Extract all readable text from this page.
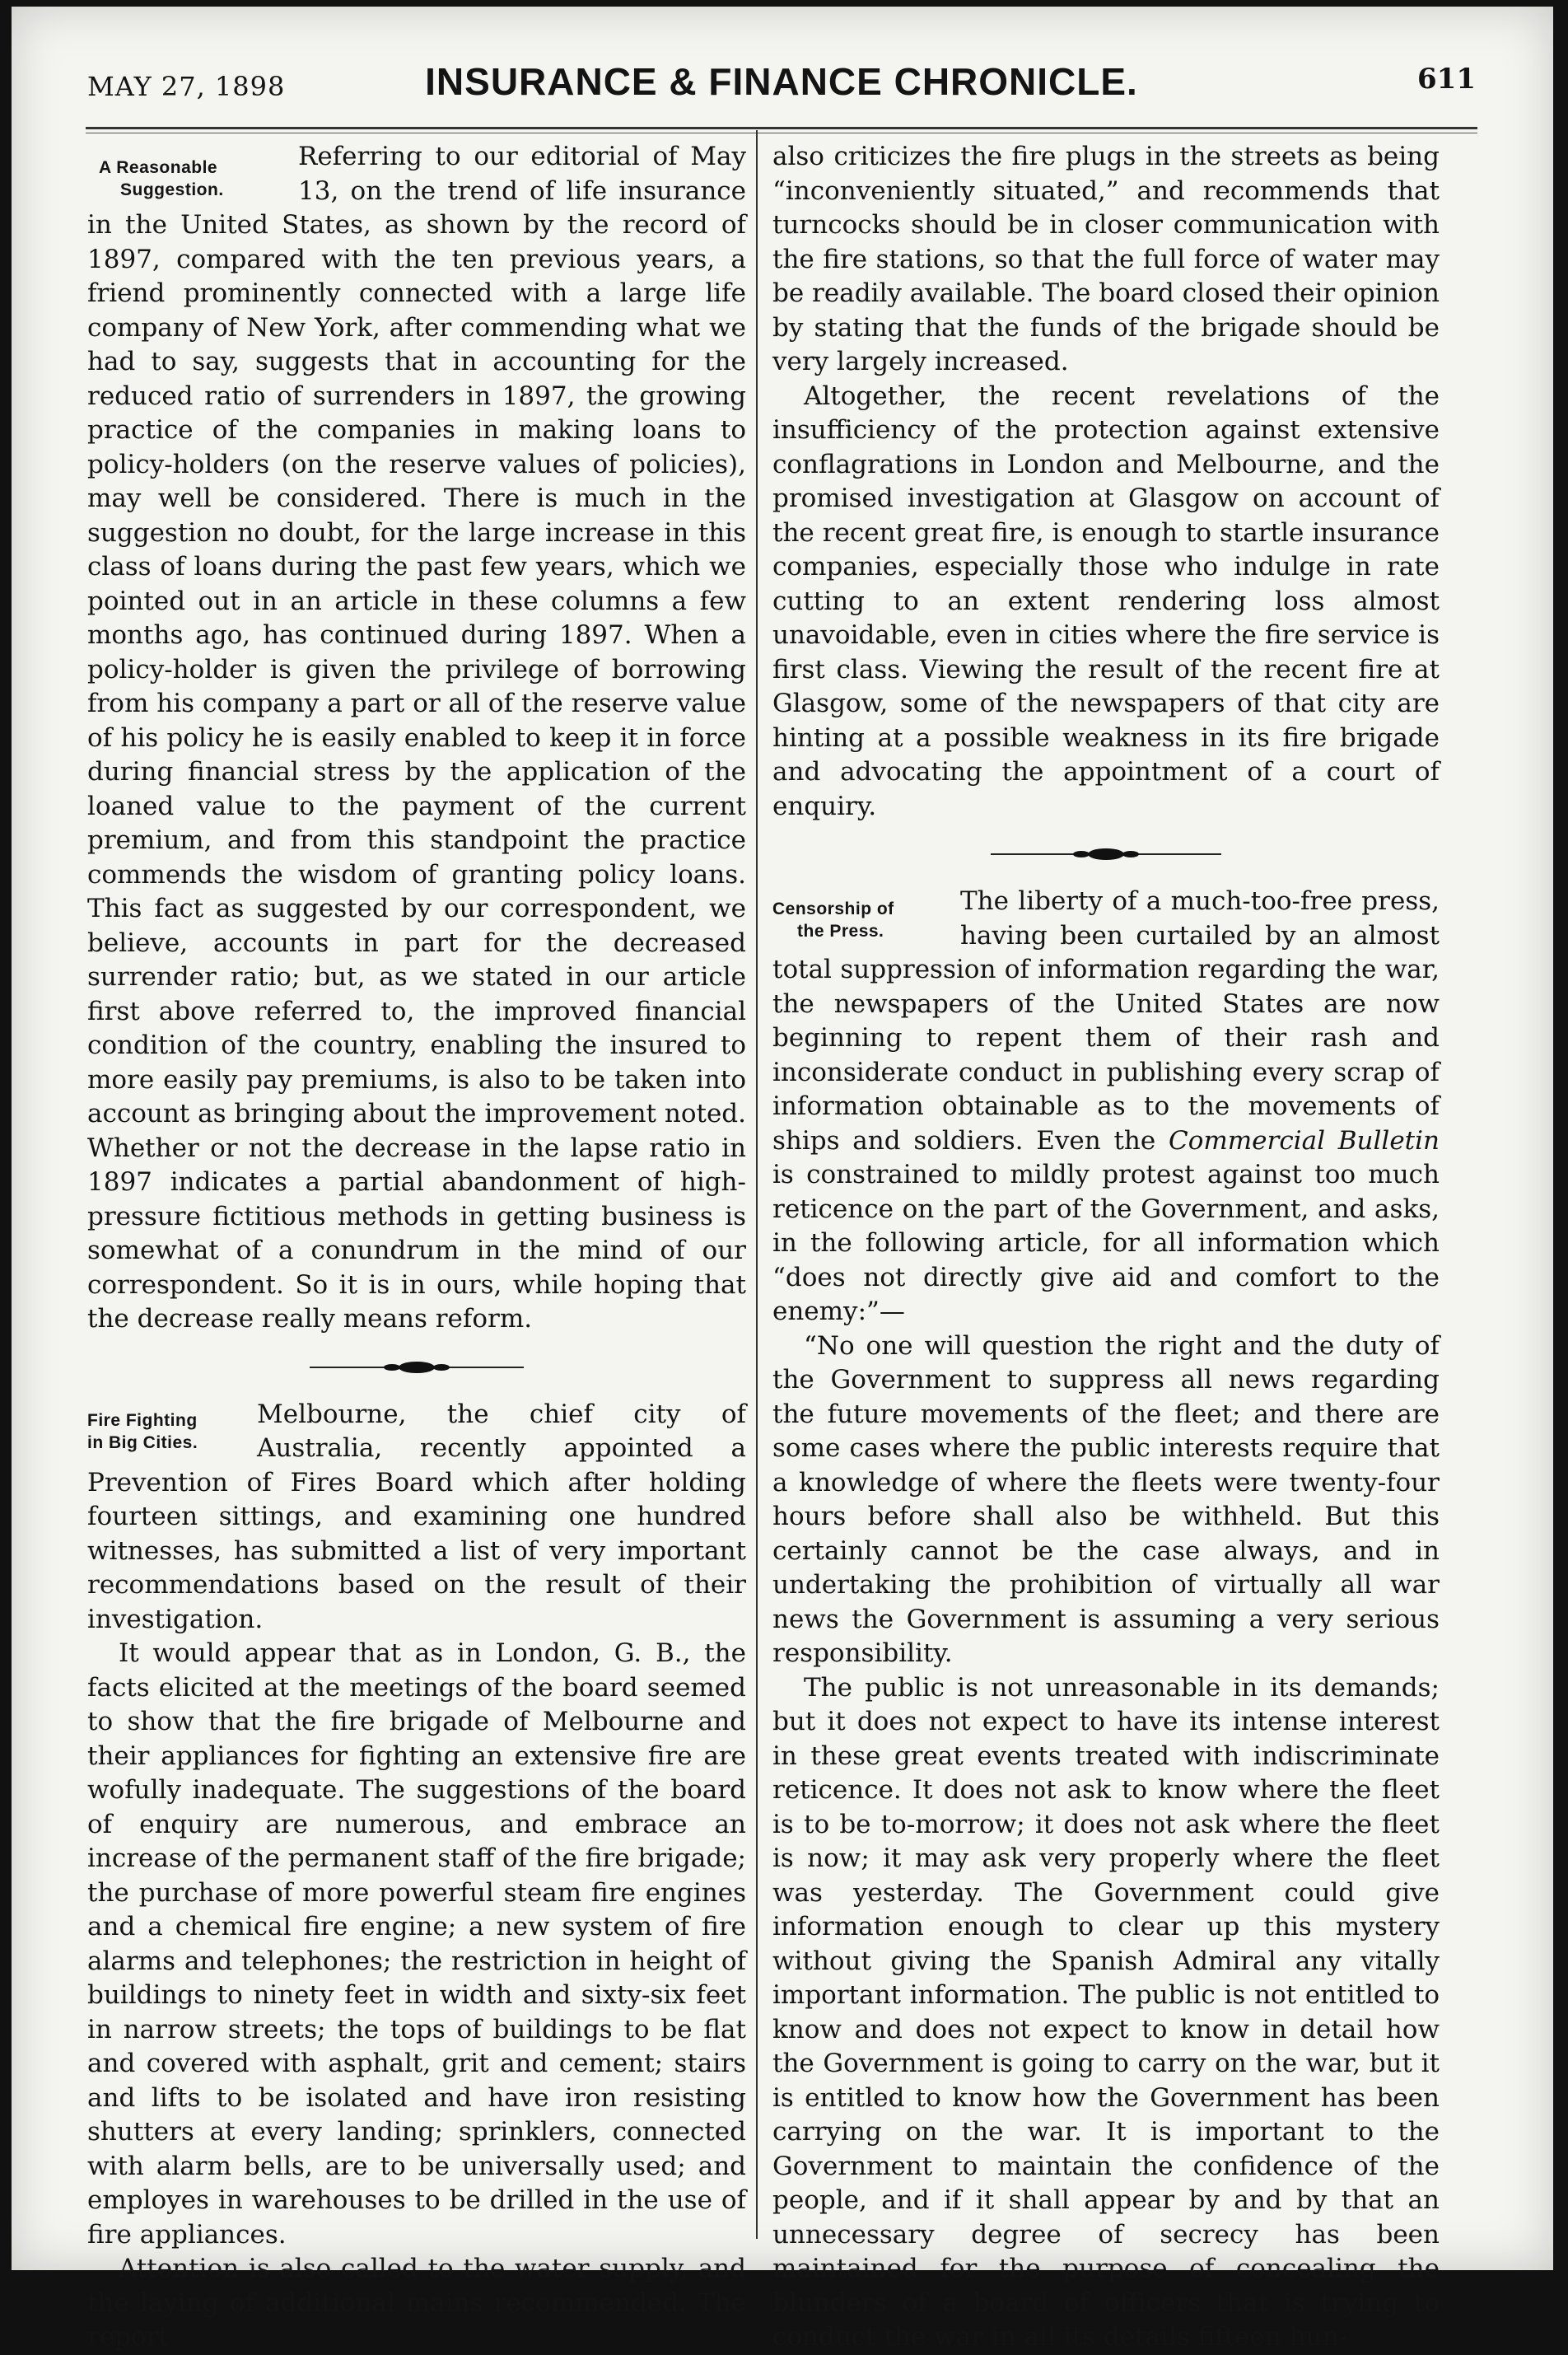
MAY 27, 1898	INSURANCE & FINANCE CHRONICLE.	611
A Reasonable
Suggestion.

Referring to our editorial of May 13, on the trend of life insurance in the United States, as shown by the record of 1897, compared with the ten previous years, a friend prominently connected with a large life company of New York, after commending what we had to say, suggests that in accounting for the reduced ratio of surrenders in 1897, the growing practice of the companies in making loans to policy-holders (on the reserve values of policies), may well be considered. There is much in the suggestion no doubt, for the large increase in this class of loans during the past few years, which we pointed out in an article in these columns a few months ago, has continued during 1897. When a policy-holder is given the privilege of borrowing from his company a part or all of the reserve value of his policy he is easily enabled to keep it in force during financial stress by the application of the loaned value to the payment of the current premium, and from this standpoint the practice commends the wisdom of granting policy loans. This fact as suggested by our correspondent, we believe, accounts in part for the decreased surrender ratio; but, as we stated in our article first above referred to, the improved financial condition of the country, enabling the insured to more easily pay premiums, is also to be taken into account as bringing about the improvement noted. Whether or not the decrease in the lapse ratio in 1897 indicates a partial abandonment of high-pressure fictitious methods in getting business is somewhat of a conundrum in the mind of our correspondent. So it is in ours, while hoping that the decrease really means reform.

Fire Fighting
in Big Cities.

Melbourne, the chief city of Australia, recently appointed a Prevention of Fires Board which after holding fourteen sittings, and examining one hundred witnesses, has submitted a list of very important recommendations based on the result of their investigation.

It would appear that as in London, G. B., the facts elicited at the meetings of the board seemed to show that the fire brigade of Melbourne and their appliances for fighting an extensive fire are wofully inadequate. The suggestions of the board of enquiry are numerous, and embrace an increase of the permanent staff of the fire brigade; the purchase of more powerful steam fire engines and a chemical fire engine; a new system of fire alarms and telephones; the restriction in height of buildings to ninety feet in width and sixty-six feet in narrow streets; the tops of buildings to be flat and covered with asphalt, grit and cement; stairs and lifts to be isolated and have iron resisting shutters at every landing; sprinklers, connected with alarm bells, are to be universally used; and employes in warehouses to be drilled in the use of fire appliances.

Attention is also called to the water supply, and the laying of additional mains recommended. The report

also criticizes the fire plugs in the streets as being “inconveniently situated,” and recommends that turncocks should be in closer communication with the fire stations, so that the full force of water may be readily available. The board closed their opinion by stating that the funds of the brigade should be very largely increased.

Altogether, the recent revelations of the insufficiency of the protection against extensive conflagrations in London and Melbourne, and the promised investigation at Glasgow on account of the recent great fire, is enough to startle insurance companies, especially those who indulge in rate cutting to an extent rendering loss almost unavoidable, even in cities where the fire service is first class. Viewing the result of the recent fire at Glasgow, some of the newspapers of that city are hinting at a possible weakness in its fire brigade and advocating the appointment of a court of enquiry.

Censorship of
the Press.

The liberty of a much-too-free press, having been curtailed by an almost total suppression of information regarding the war, the newspapers of the United States are now beginning to repent them of their rash and inconsiderate conduct in publishing every scrap of information obtainable as to the movements of ships and soldiers. Even the Commercial Bulletin is constrained to mildly protest against too much reticence on the part of the Government, and asks, in the following article, for all information which “does not directly give aid and comfort to the enemy:”—

“No one will question the right and the duty of the Government to suppress all news regarding the future movements of the fleet; and there are some cases where the public interests require that a knowledge of where the fleets were twenty-four hours before shall also be withheld. But this certainly cannot be the case always, and in undertaking the prohibition of virtually all war news the Government is assuming a very serious responsibility.

The public is not unreasonable in its demands; but it does not expect to have its intense interest in these great events treated with indiscriminate reticence. It does not ask to know where the fleet is to be to-morrow; it does not ask where the fleet is now; it may ask very properly where the fleet was yesterday. The Government could give information enough to clear up this mystery without giving the Spanish Admiral any vitally important information. The public is not entitled to know and does not expect to know in detail how the Government is going to carry on the war, but it is entitled to know how the Government has been carrying on the war. It is important to the Government to maintain the confidence of the people, and if it shall appear by and by that an unnecessary degree of secrecy has been maintained for the purpose of concealing the blunders of a board of officers that is trying to conduct the war in all its details fifteen hun-
